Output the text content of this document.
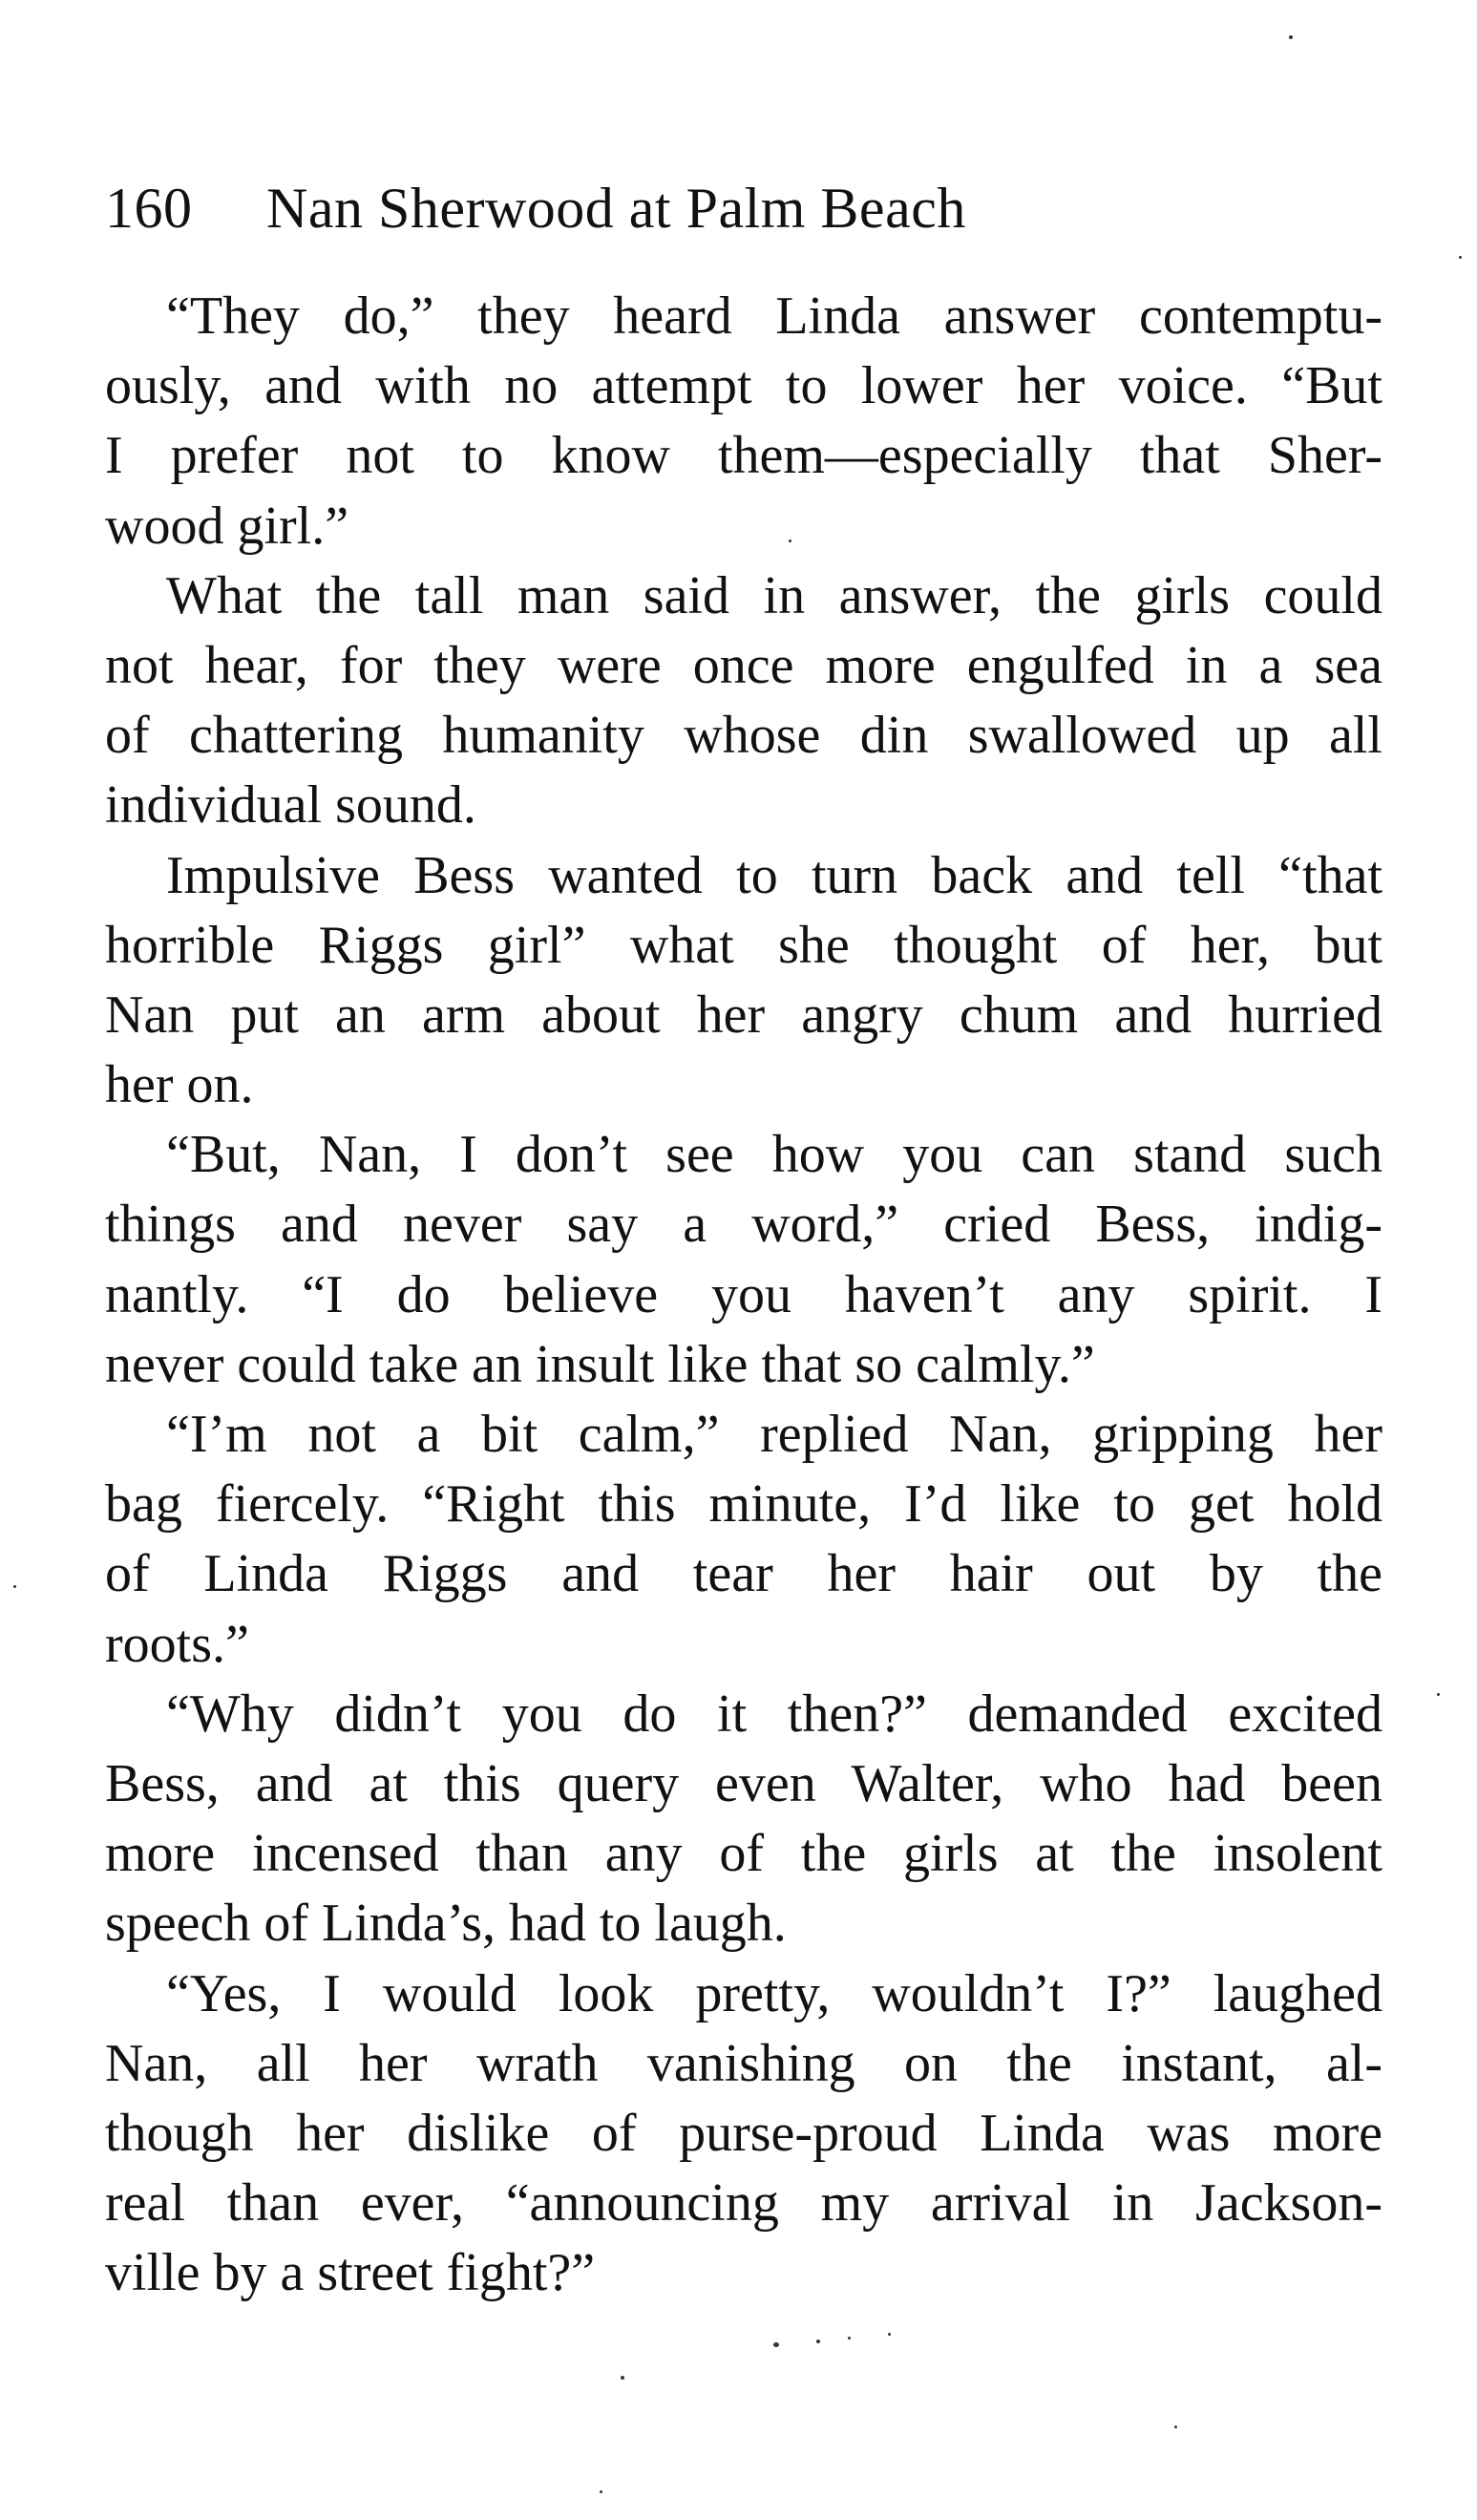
160 Nan Sherwood at Palm Beach
“They do,” they heard Linda answer contemptu-
ously, and with no attempt to lower her voice. “But
I prefer not to know them—especially that Sher-
wood girl.”
What the tall man said in answer, the girls could
not hear, for they were once more engulfed in a sea
of chattering humanity whose din swallowed up all
individual sound.
Impulsive Bess wanted to turn back and tell “that
horrible Riggs girl” what she thought of her, but
Nan put an arm about her angry chum and hurried
her on.
“But, Nan, I don’t see how you can stand such
things and never say a word,” cried Bess, indig-
nantly. “I do believe you haven’t any spirit. I
never could take an insult like that so calmly.”
“I’m not a bit calm,” replied Nan, gripping her
bag fiercely. “Right this minute, I’d like to get hold
of Linda Riggs and tear her hair out by the
roots.”
“Why didn’t you do it then?” demanded excited
Bess, and at this query even Walter, who had been
more incensed than any of the girls at the insolent
speech of Linda’s, had to laugh.
“Yes, I would look pretty, wouldn’t I?” laughed
Nan, all her wrath vanishing on the instant, al-
though her dislike of purse-proud Linda was more
real than ever, “announcing my arrival in Jackson-
ville by a street fight?”
